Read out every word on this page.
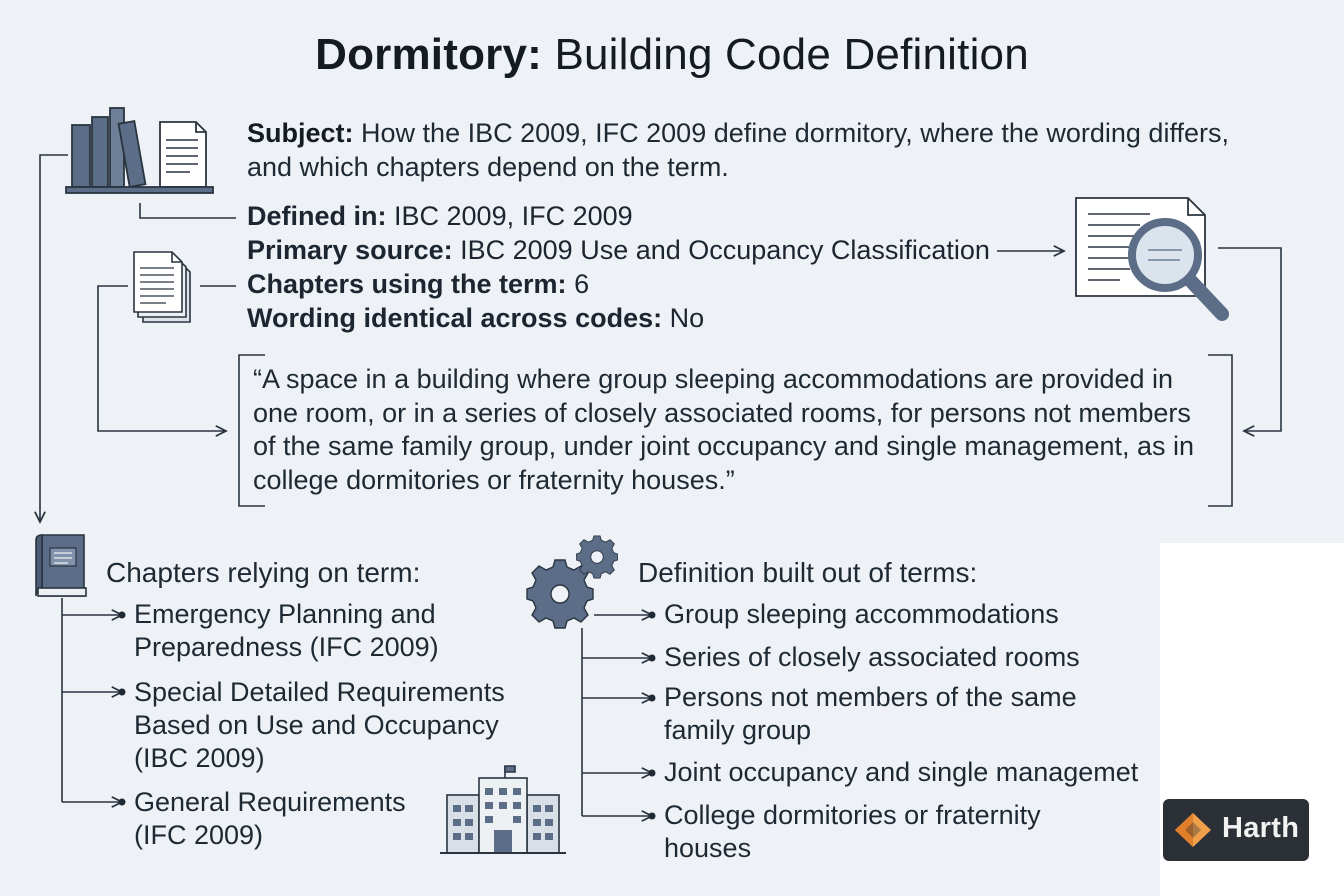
Dormitory: Building Code Definition
Subject: How the IBC 2009, IFC 2009 define dormitory, where the wording differs, and which chapters depend on the term.
Defined in: IBC 2009, IFC 2009
Primary source: IBC 2009 Use and Occupancy Classification
Chapters using the term: 6
Wording identical across codes: No
“A space in a building where group sleeping accommodations are provided in one room, or in a series of closely associated rooms, for persons not members of the same family group, under joint occupancy and single management, as in college dormitories or fraternity houses.”
Chapters relying on term:
Emergency Planning and Preparedness (IFC 2009)
Special Detailed Requirements Based on Use and Occupancy (IBC 2009)
General Requirements (IFC 2009)
Definition built out of terms:
Group sleeping accommodations
Series of closely associated rooms
Persons not members of the same family group
Joint occupancy and single managemet
College dormitories or fraternity houses
Harth
